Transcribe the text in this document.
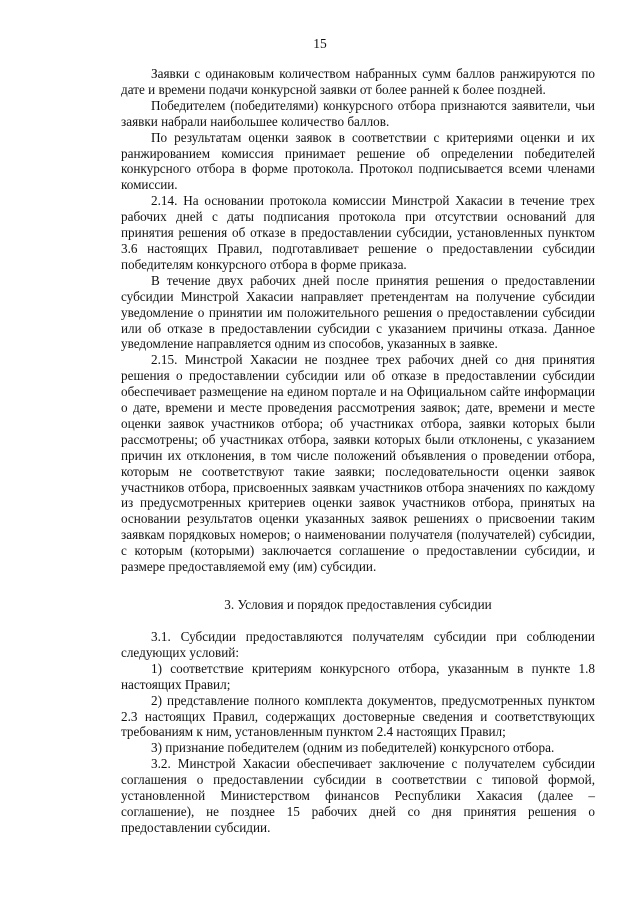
15

Заявки с одинаковым количеством набранных сумм баллов ранжируются по дате и времени подачи конкурсной заявки от более ранней к более поздней.

Победителем (победителями) конкурсного отбора признаются заявители, чьи заявки набрали наибольшее количество баллов.

По результатам оценки заявок в соответствии с критериями оценки и их ранжированием комиссия принимает решение об определении победителей конкурсного отбора в форме протокола. Протокол подписывается всеми членами комиссии.

2.14. На основании протокола комиссии Минстрой Хакасии в течение трех рабочих дней с даты подписания протокола при отсутствии оснований для принятия решения об отказе в предоставлении субсидии, установленных пунктом 3.6 настоящих Правил, подготавливает решение о предоставлении субсидии победителям конкурсного отбора в форме приказа.

В течение двух рабочих дней после принятия решения о предоставлении субсидии Минстрой Хакасии направляет претендентам на получение субсидии уведомление о принятии им положительного решения о предоставлении субсидии или об отказе в предоставлении субсидии с указанием причины отказа. Данное уведомление направляется одним из способов, указанных в заявке.

2.15. Минстрой Хакасии не позднее трех рабочих дней со дня принятия решения о предоставлении субсидии или об отказе в предоставлении субсидии обеспечивает размещение на едином портале и на Официальном сайте информации о дате, времени и месте проведения рассмотрения заявок; дате, времени и месте оценки заявок участников отбора; об участниках отбора, заявки которых были рассмотрены; об участниках отбора, заявки которых были отклонены, с указанием причин их отклонения, в том числе положений объявления о проведении отбора, которым не соответствуют такие заявки; последовательности оценки заявок участников отбора, присвоенных заявкам участников отбора значениях по каждому из предусмотренных критериев оценки заявок участников отбора, принятых на основании результатов оценки указанных заявок решениях о присвоении таким заявкам порядковых номеров; о наименовании получателя (получателей) субсидии, с которым (которыми) заключается соглашение о предоставлении субсидии, и размере предоставляемой ему (им) субсидии.

3. Условия и порядок предоставления субсидии

3.1. Субсидии предоставляются получателям субсидии при соблюдении следующих условий:

1) соответствие критериям конкурсного отбора, указанным в пункте 1.8 настоящих Правил;

2) представление полного комплекта документов, предусмотренных пунктом 2.3 настоящих Правил, содержащих достоверные сведения и соответствующих требованиям к ним, установленным пунктом 2.4 настоящих Правил;

3) признание победителем (одним из победителей) конкурсного отбора.

3.2. Минстрой Хакасии обеспечивает заключение с получателем субсидии соглашения о предоставлении субсидии в соответствии с типовой формой, установленной Министерством финансов Республики Хакасия (далее – соглашение), не позднее 15 рабочих дней со дня принятия решения о предоставлении субсидии.
